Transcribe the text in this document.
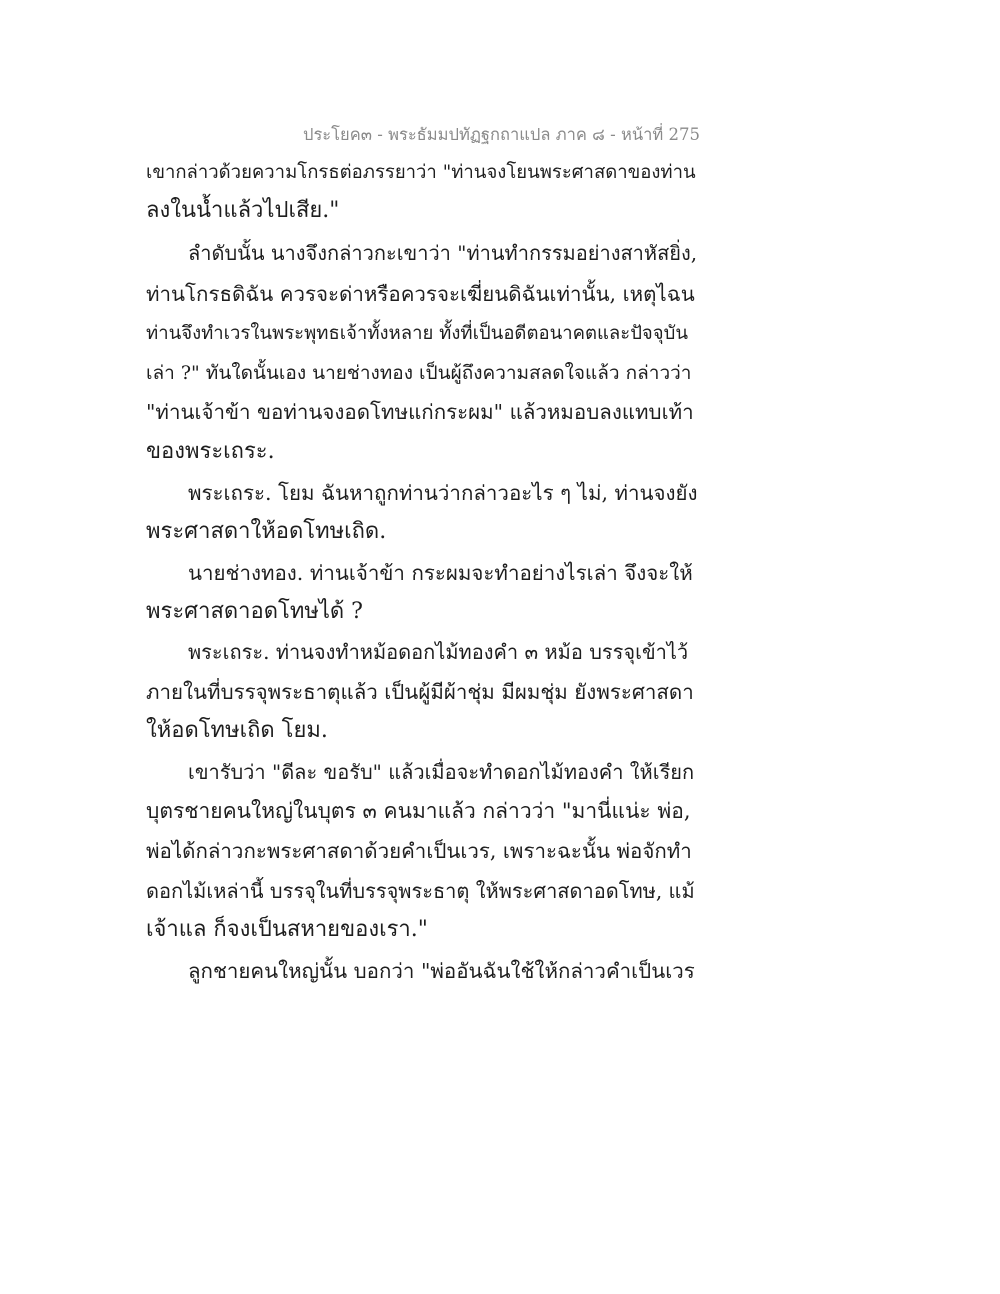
ประโยค๓ - พระธัมมปทัฏฐกถาแปล ภาค ๘ - หน้าที่ 275
เขากล่าวด้วยความโกรธต่อภรรยาว่า "ท่านจงโยนพระศาสดาของท่าน
ลงในน้ำแล้วไปเสีย."
ลำดับนั้น นางจึงกล่าวกะเขาว่า "ท่านทำกรรมอย่างสาหัสยิ่ง,
ท่านโกรธดิฉัน ควรจะด่าหรือควรจะเฆี่ยนดิฉันเท่านั้น, เหตุไฉน
ท่านจึงทำเวรในพระพุทธเจ้าทั้งหลาย ทั้งที่เป็นอดีตอนาคตและปัจจุบัน
เล่า ?" ทันใดนั้นเอง นายช่างทอง เป็นผู้ถึงความสลดใจแล้ว กล่าวว่า
"ท่านเจ้าข้า ขอท่านจงอดโทษแก่กระผม" แล้วหมอบลงแทบเท้า
ของพระเถระ.
พระเถระ. โยม ฉันหาถูกท่านว่ากล่าวอะไร ๆ ไม่, ท่านจงยัง
พระศาสดาให้อดโทษเถิด.
นายช่างทอง. ท่านเจ้าข้า กระผมจะทำอย่างไรเล่า จึงจะให้
พระศาสดาอดโทษได้ ?
พระเถระ. ท่านจงทำหม้อดอกไม้ทองคำ ๓ หม้อ บรรจุเข้าไว้
ภายในที่บรรจุพระธาตุแล้ว เป็นผู้มีผ้าชุ่ม มีผมชุ่ม ยังพระศาสดา
ให้อดโทษเถิด โยม.
เขารับว่า "ดีละ ขอรับ" แล้วเมื่อจะทำดอกไม้ทองคำ ให้เรียก
บุตรชายคนใหญ่ในบุตร ๓ คนมาแล้ว กล่าวว่า "มานี่แน่ะ พ่อ,
พ่อได้กล่าวกะพระศาสดาด้วยคำเป็นเวร, เพราะฉะนั้น พ่อจักทำ
ดอกไม้เหล่านี้ บรรจุในที่บรรจุพระธาตุ ให้พระศาสดาอดโทษ, แม้
เจ้าแล ก็จงเป็นสหายของเรา."
ลูกชายคนใหญ่นั้น บอกว่า "พ่ออันฉันใช้ให้กล่าวคำเป็นเวร
